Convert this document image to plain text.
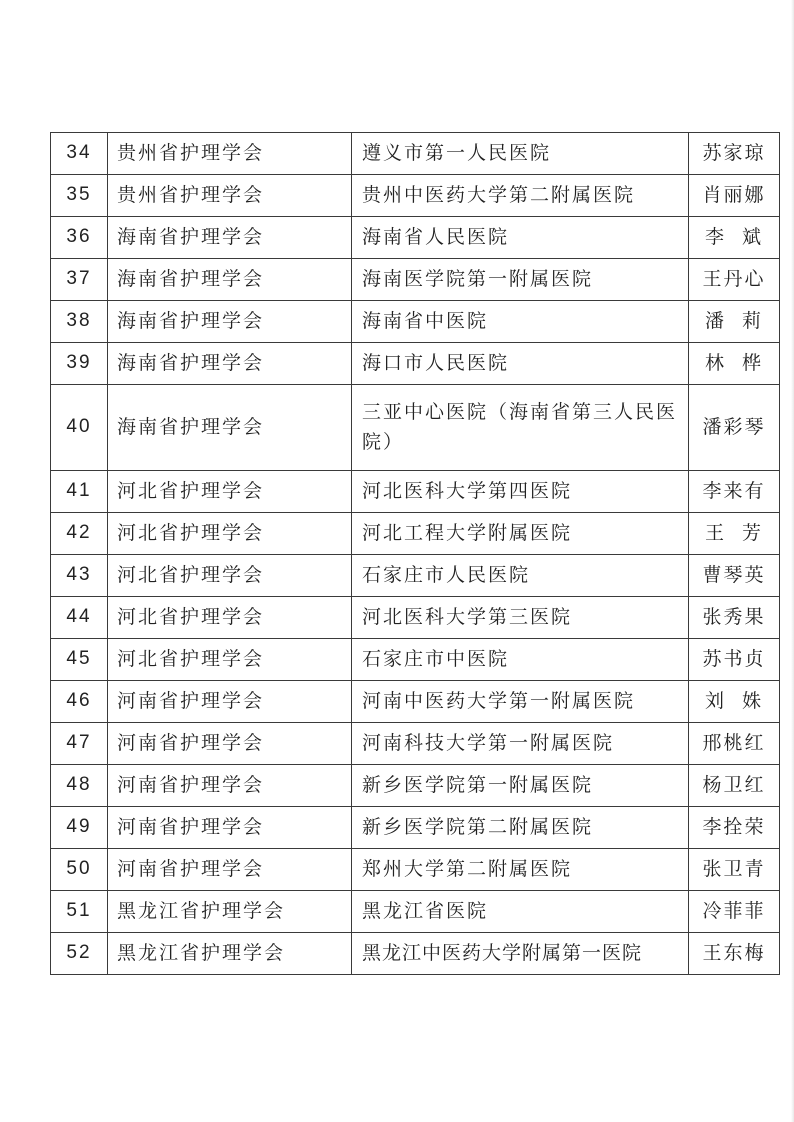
34	贵州省护理学会	遵义市第一人民医院	苏家琼
35	贵州省护理学会	贵州中医药大学第二附属医院	肖丽娜
36	海南省护理学会	海南省人民医院	李  斌
37	海南省护理学会	海南医学院第一附属医院	王丹心
38	海南省护理学会	海南省中医院	潘  莉
39	海南省护理学会	海口市人民医院	林  桦
40	海南省护理学会	三亚中心医院（海南省第三人民医院）	潘彩琴
41	河北省护理学会	河北医科大学第四医院	李来有
42	河北省护理学会	河北工程大学附属医院	王  芳
43	河北省护理学会	石家庄市人民医院	曹琴英
44	河北省护理学会	河北医科大学第三医院	张秀果
45	河北省护理学会	石家庄市中医院	苏书贞
46	河南省护理学会	河南中医药大学第一附属医院	刘  姝
47	河南省护理学会	河南科技大学第一附属医院	邢桃红
48	河南省护理学会	新乡医学院第一附属医院	杨卫红
49	河南省护理学会	新乡医学院第二附属医院	李拴荣
50	河南省护理学会	郑州大学第二附属医院	张卫青
51	黑龙江省护理学会	黑龙江省医院	冷菲菲
52	黑龙江省护理学会	黑龙江中医药大学附属第一医院	王东梅
